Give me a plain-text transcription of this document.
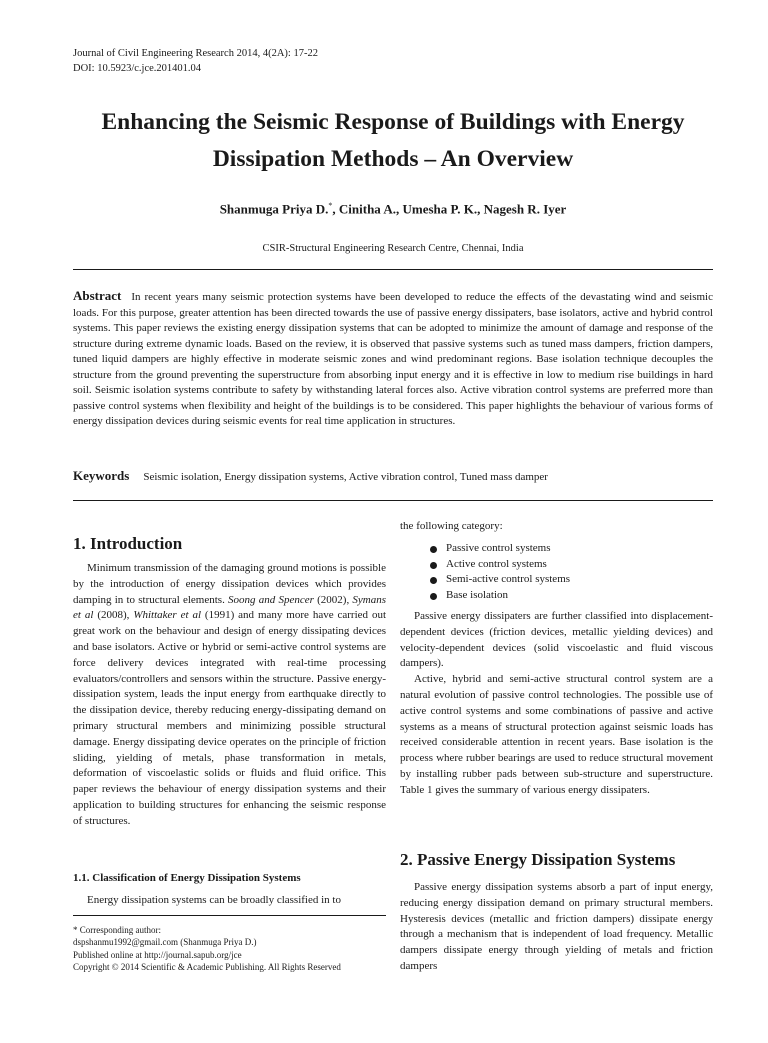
Journal of Civil Engineering Research 2014, 4(2A): 17-22
DOI: 10.5923/c.jce.201401.04
Enhancing the Seismic Response of Buildings with Energy
Dissipation Methods – An Overview
Shanmuga Priya D.*, Cinitha A., Umesha P. K., Nagesh R. Iyer
CSIR-Structural Engineering Research Centre, Chennai, India
Abstract In recent years many seismic protection systems have been developed to reduce the effects of the devastating wind and seismic loads. For this purpose, greater attention has been directed towards the use of passive energy dissipaters, base isolators, active and hybrid control systems. This paper reviews the existing energy dissipation systems that can be adopted to minimize the amount of damage and response of the structure during extreme dynamic loads. Based on the review, it is observed that passive systems such as tuned mass dampers, friction dampers, tuned liquid dampers are highly effective in moderate seismic zones and wind predominant regions. Base isolation technique decouples the structure from the ground preventing the superstructure from absorbing input energy and it is effective in low to medium rise buildings in hard soil. Seismic isolation systems contribute to safety by withstanding lateral forces also. Active vibration control systems are preferred more than passive control systems when flexibility and height of the buildings is to be considered. This paper highlights the behaviour of various forms of energy dissipation devices during seismic events for real time application in structures.
Keywords Seismic isolation, Energy dissipation systems, Active vibration control, Tuned mass damper
1. Introduction

Minimum transmission of the damaging ground motions is possible by the introduction of energy dissipation devices which provides damping in to structural elements. Soong and Spencer (2002), Symans et al (2008), Whittaker et al (1991) and many more have carried out great work on the behaviour and design of energy dissipating devices and base isolators. Active or hybrid or semi-active control systems are force delivery devices integrated with real-time processing evaluators/controllers and sensors within the structure. Passive energy-dissipation system, leads the input energy from earthquake directly to the dissipation device, thereby reducing energy-dissipating demand on primary structural members and minimizing possible structural damage. Energy dissipating device operates on the principle of friction sliding, yielding of metals, phase transformation in metals, deformation of viscoelastic solids or fluids and fluid orifice. This paper reviews the behaviour of energy dissipation systems and their application to building structures for enhancing the seismic response of structures.

1.1. Classification of Energy Dissipation Systems

Energy dissipation systems can be broadly classified in to

* Corresponding author:
dspshanmu1992@gmail.com (Shanmuga Priya D.)
Published online at http://journal.sapub.org/jce
Copyright © 2014 Scientific & Academic Publishing. All Rights Reserved

the following category:

Passive control systems
Active control systems
Semi-active control systems
Base isolation

Passive energy dissipaters are further classified into displacement-dependent devices (friction devices, metallic yielding devices) and velocity-dependent devices (solid viscoelastic and fluid viscous dampers).

Active, hybrid and semi-active structural control system are a natural evolution of passive control technologies. The possible use of active control systems and some combinations of passive and active systems as a means of structural protection against seismic loads has received considerable attention in recent years. Base isolation is the process where rubber bearings are used to reduce structural movement by installing rubber pads between sub-structure and superstructure. Table 1 gives the summary of various energy dissipaters.

2. Passive Energy Dissipation Systems

Passive energy dissipation systems absorb a part of input energy, reducing energy dissipation demand on primary structural members. Hysteresis devices (metallic and friction dampers) dissipate energy through a mechanism that is independent of load frequency. Metallic dampers dissipate energy through yielding of metals and friction dampers
